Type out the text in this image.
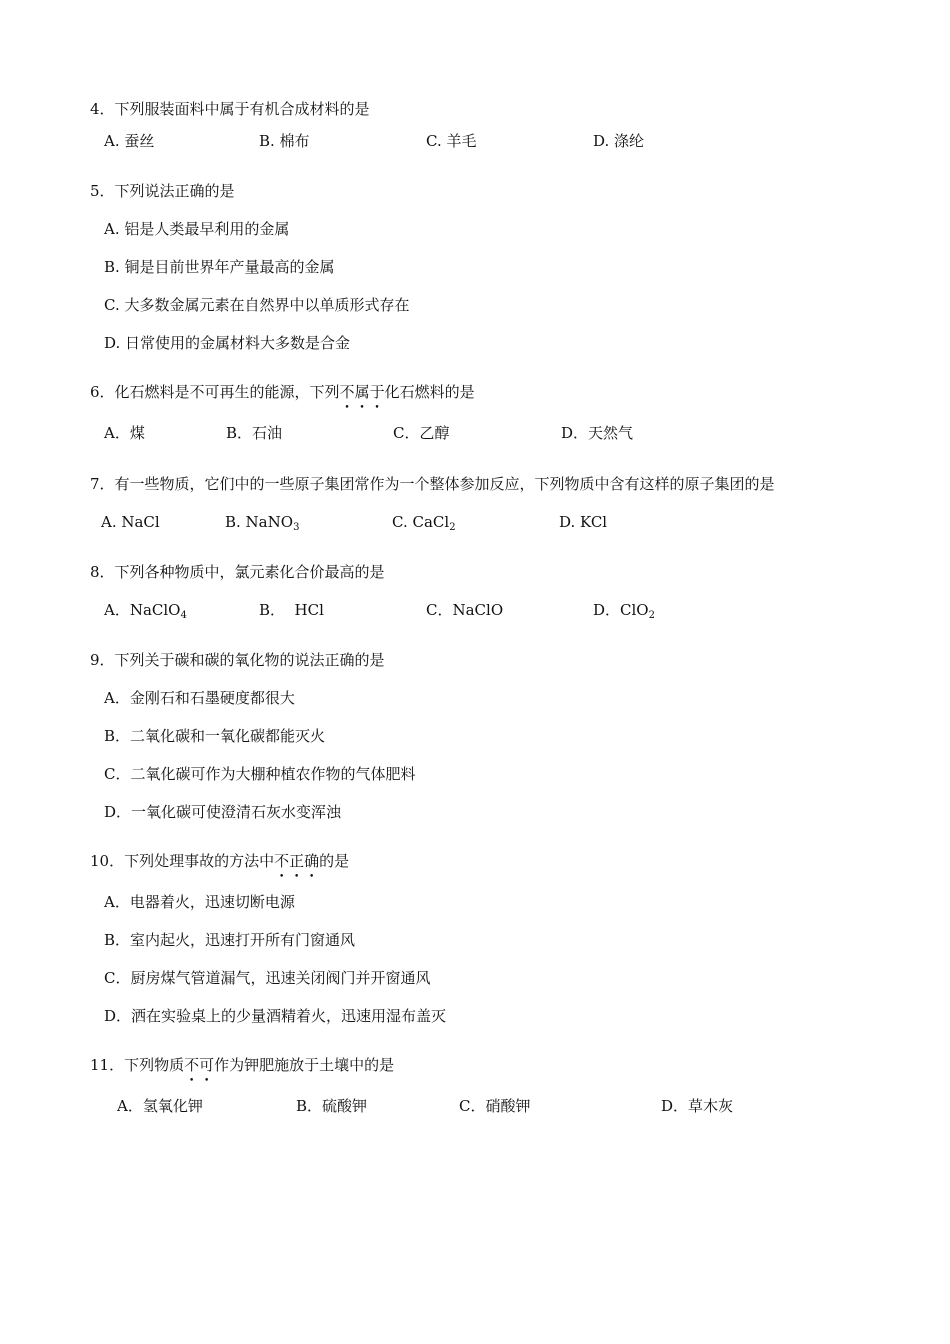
4．下列服装面料中属于有机合成材料的是
A. 蚕丝	B. 棉布	C. 羊毛	D. 涤纶
5．下列说法正确的是
A. 铝是人类最早利用的金属
B. 铜是目前世界年产量最高的金属
C. 大多数金属元素在自然界中以单质形式存在
D. 日常使用的金属材料大多数是合金
6．化石燃料是不可再生的能源，下列不属于化石燃料的是
A．煤	B．石油	C．乙醇	D．天然气
7．有一些物质，它们中的一些原子集团常作为一个整体参加反应，下列物质中含有这样的原子集团的是
A. NaCl	B. NaNO$_3$	C. CaCl$_2$	D. KCl
8．下列各种物质中，氯元素化合价最高的是
A．NaClO$_4$	B．  HCl	C．NaClO	D．ClO$_2$
9．下列关于碳和碳的氧化物的说法正确的是
A．金刚石和石墨硬度都很大
B．二氧化碳和一氧化碳都能灭火
C．二氧化碳可作为大棚种植农作物的气体肥料
D．一氧化碳可使澄清石灰水变浑浊
10．下列处理事故的方法中不正确的是
A．电器着火，迅速切断电源
B．室内起火，迅速打开所有门窗通风
C．厨房煤气管道漏气，迅速关闭阀门并开窗通风
D．洒在实验桌上的少量酒精着火，迅速用湿布盖灭
11．下列物质不可作为钾肥施放于土壤中的是
A．氢氧化钾	B．硫酸钾	C．硝酸钾	D．草木灰
